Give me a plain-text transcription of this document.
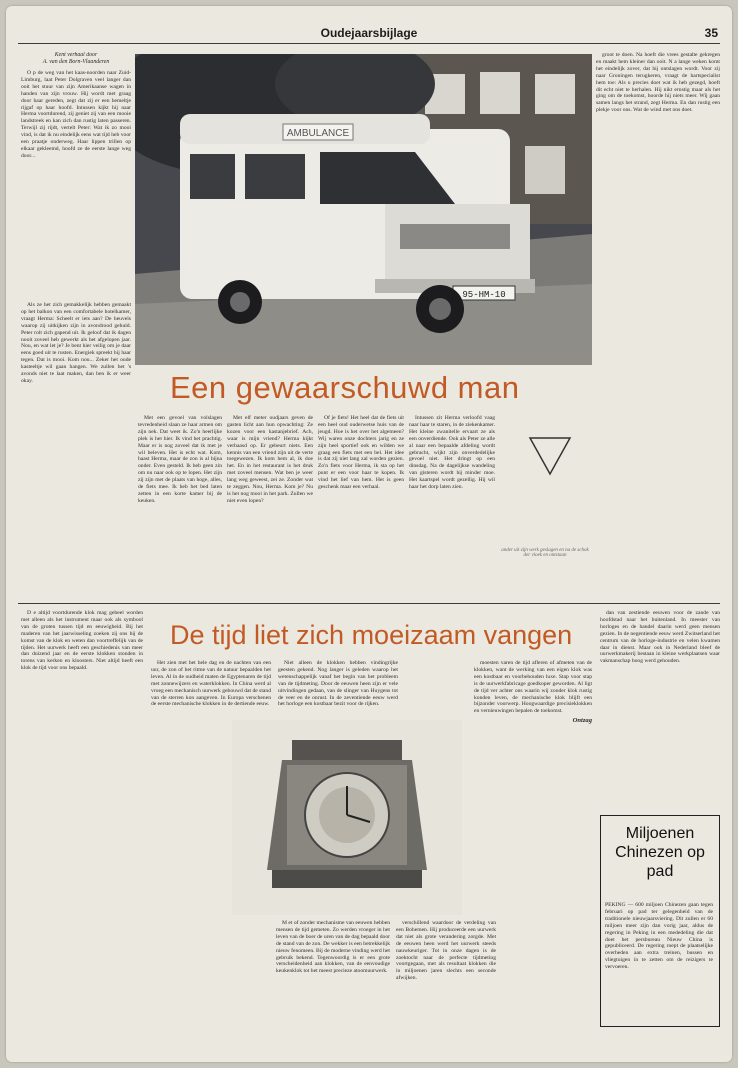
Oudejaarsbijlage	35
Kent verhaal door
A. van den Born-Vlaanderen

O p de weg van het kaas-noorden naar Zuid-Limburg, laat Peter Dolgraven veel langer dan ooit het stuur van zijn Amerikaanse wagen in handen van zijn vrouw. Hij wordt met graag door haar gereden, zegt dat zij er een hemeltje rijgaf op haar hoofd. Intussen kijkt hij naar Herma voortdurend, zij geniet zij van een mooie landstreek en kan zich dan rustig laten passeren. Terwijl zij rijdt, vertelt Peter: Wat ik zo mooi vind, is dat ik nu eindelijk eens wat tijd heb voor een praatje onderweg. Haar lippen trillen op elkaar gekleemd, hoofd ze de eerste lange weg door...

AMBULANCE
95-HM-10

groot te doen. Na hoeft die vrees gestalte gekregen en maakt hem kleiner dan ooit. N a lange weken komt het eindelijk zover, dat hij ontslagen wordt. Voor zij naar Groningen terugkeren, vraagt de hartspecialist hem toe: Als u precies doet wat ik heb gezegd, hoeft dit echt niet te herhalen. Hij nikt ernstig maar als het ging om de toekomst, hoorde hij niets meer. Wij gaan samen langs het strand, zegt Herma. En dan rustig een plekje voor ons. Wat de wind met ons doet.

Als ze het zich gemakkelijk hebben gemaakt op het balkon van een comfortabele hotelkamer, vraagt Herma: Scheelt er iets aan? De heuvels waarop zij uitkijken zijn in avondrood gehuld. Peter rolt zich gapend uit. Ik geloof dat ik dagen nooit zoveel heb gewerkt als het afgelopen jaar. Nou, en wat let je? Je bent hier veilig om je daar eens goed uit te rusten. Energiek spreekt hij haar tegen. Dat is mooi. Kom nou... Zeker het oude kasteeltje wil gaan hangen. We zullen het 's avonds niet te laat maken, dan ben ik er weer okay.	Een gewaarschuwd man

Met een gevoel van volslagen tevredenheid slaan ze haar armen om zijn nek. Dat weet ik. Zo'n heerlijke plek is het hier. Ik vind het prachtig. Maar er is nog zoveel dat ik met je wil beleven. Het is echt wat. Kom, haast Herma, maar de zon is al bijna onder. Even gesteld. Ik heb geen zin om nu naar ook op te lopen. Het zijn zij zijn met de plaats van hoge, alles, de fiets mee. Ik heb het bed laten zetten in een korte kamer bij de keuken.

Met elf meter oudjaars geven de gasten licht aan hun opwachting: Ze kozen voor een kastanjebrief. Ach, waar is mijn vriend? Herma kijkt verbaasd op. Er gebeurt niets. Een kennis van een vriend zijn uit de verte toegewezen. Ik kom hem al, ik doe het. En in het restaurant is het druk met zoveel mensen. Wat ben je weer lang weg geweest, zei ze. Zonder wat te zeggen. Nou, Herma. Kom je? Nu is het nog mooi in het park. Zullen we niet even lopen?

Of je fiets! Het heel dat de fiets uit een heel oud ouderwetse huis van de jeugd. Hoe is het over het algemeen? Wij waren onze dochters jarig en ze zijn heel sportief ook en wilden we graag een fiets met een bel. Het idee is dat zij niet lang zal worden gezien. Zo'n fiets voor Herma, ik sta op het punt er een voor haar te kopen. Ik vind het lief van hem. Het is geen geschenk maar een verhaal.

Intussen zit Herma verloofd vaag naar haar te staren, in de ziekenkamer. Het kleine zwanitelle ervaart ze als een onverdiende. Ook als Peter ze alle al naar een bepaalde afdeling wordt gebracht, wijkt zijn onverdedelijke gevoel niet. Het dringt op een dinsdag. Na de dagelijkse wandeling van gisteren wordt hij minder moe. Het kaartspel wordt gezellig. Hij wil haar het dorp laten zien.

ander uit zijn werk geslagen en na de schok der vloek en ontstaan
De tijd liet zich moeizaam vangen

D e altijd voortdurende klok mag geheel worden met alleen als het instrument maar ook als symbool van de groten tussen tijd en eeuwigheid. Bij het maderen van het jaarwisseling zoeken zij ons bij de komst van de klok en weten dan voortreffelijk van de tijden. Het uurwerk heeft een geschiedenis van meer dan duizend jaar en de eerste klokken stonden in torens van kerken en kloosters. Niet altijd heeft een klok de tijd voor ons bepaald.

Het zien met het hele dag en de nachten van een uur, de zon of het ritme van de natuur bepaalden het leven. Al in de oudheid maten de Egyptenaren de tijd met zonnewijzers en waterklokken. In China werd al vroeg een mechanisch uurwerk gebouwd dat de stand van de sterren kon aangeven. In Europa verschenen de eerste mechanische klokken in de dertiende eeuw.

Niet alleen de klokken hebben vindingrijke geesten gekend. Nog langer is geleden waarop het wetenschappelijk vanaf het begin van het probleem van de tijdmeting. Door de eeuwen heen zijn er vele uitvindingen gedaan, van de slinger van Huygens tot de veer en de onrust. In de zeventiende eeuw werd het horloge een kostbaar bezit voor de rijken.

M et of zonder mechanisme van eeuwen hebben mensen de tijd gemeten. Zo werden vroeger in het leven van de boer de uren van de dag bepaald door de stand van de zon. De wekker is een betrekkelijk nieuw fenomeen. Bij de moderne vinding werd het gebruik bekend. Tegenwoordig is er een grote verscheidenheid aan klokken, van de eenvoudige keukenklok tot het meest precieze atoomuurwerk.

verschillend waardoor de verdeling van een Bohemen. Hij produceerde een uurwerk dat niet als grote verandering zorgde. Met de eeuwen heen werd het uurwerk steeds nauwkeuriger. Tot in onze dagen is de zoektocht naar de perfecte tijdmeting voortgegaan, met als resultaat klokken die in miljoenen jaren slechts een seconde afwijken.

moesten varen de tijd afleren of afmeten van de klokken, want de werking van een eigen klok was een kostbaar en voorbehouden luxe. Stap voor stap is de uurwerkfabricage goedkoper geworden. Al ligt de tijd ver achter ons waarin wij zonder klok rustig konden leven, de mechanische klok blijft een bijzonder voorwerp. Hoogwaardige precisieklokken en vernieuwingen bepalen de toekomst.

Ontzag

dan van zestiende eeuwen voor de zande van hoofdstad naar het buitenland. In meester van horloges en de handel daarin werd geen mensen gezien. In de negentiende eeuw werd Zwitserland het centrum van de horloge-industrie en velen kwamen daar in dienst. Maar ook in Nederland bleef de uurwerkmakerij bestaan in kleine werkplaatsen waar vakmanschap hoog werd gehouden.

Miljoenen Chinezen op pad

PEKING — 600 miljoen Chinezen gaan tegen februari op pad ter gelegenheid van de traditionele nieuwjaarsviering. Dit zullen er 60 miljoen meer zijn dan vorig jaar, aldus de regering in Peking in een mededeling die dat doet het persbureau Nieuw China is gepubliceerd. De regering roept de plaatselijke overheden aan extra treinen, bussen en vliegtuigen in te zetten om de reizigers te vervoeren.
